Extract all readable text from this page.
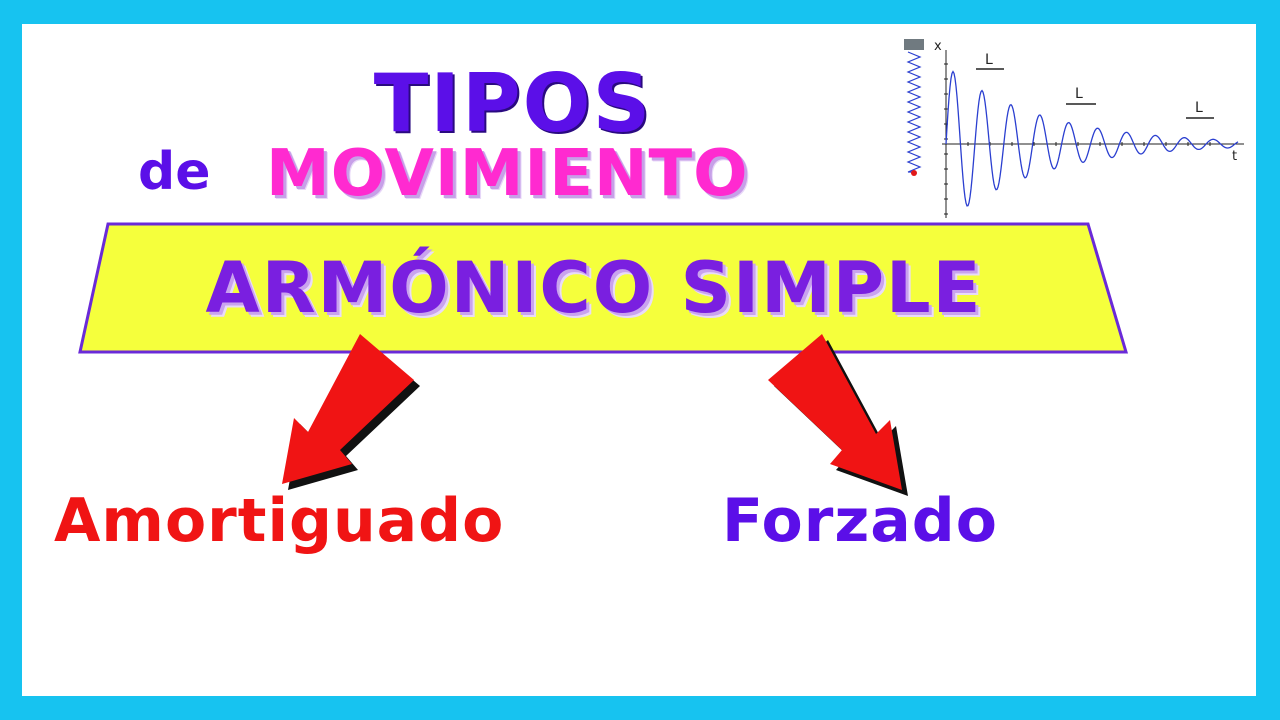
TIPOS
de MOVIMIENTO
ARMÓNICO SIMPLE
Amortiguado	Forzado
x
t
L
L
L
